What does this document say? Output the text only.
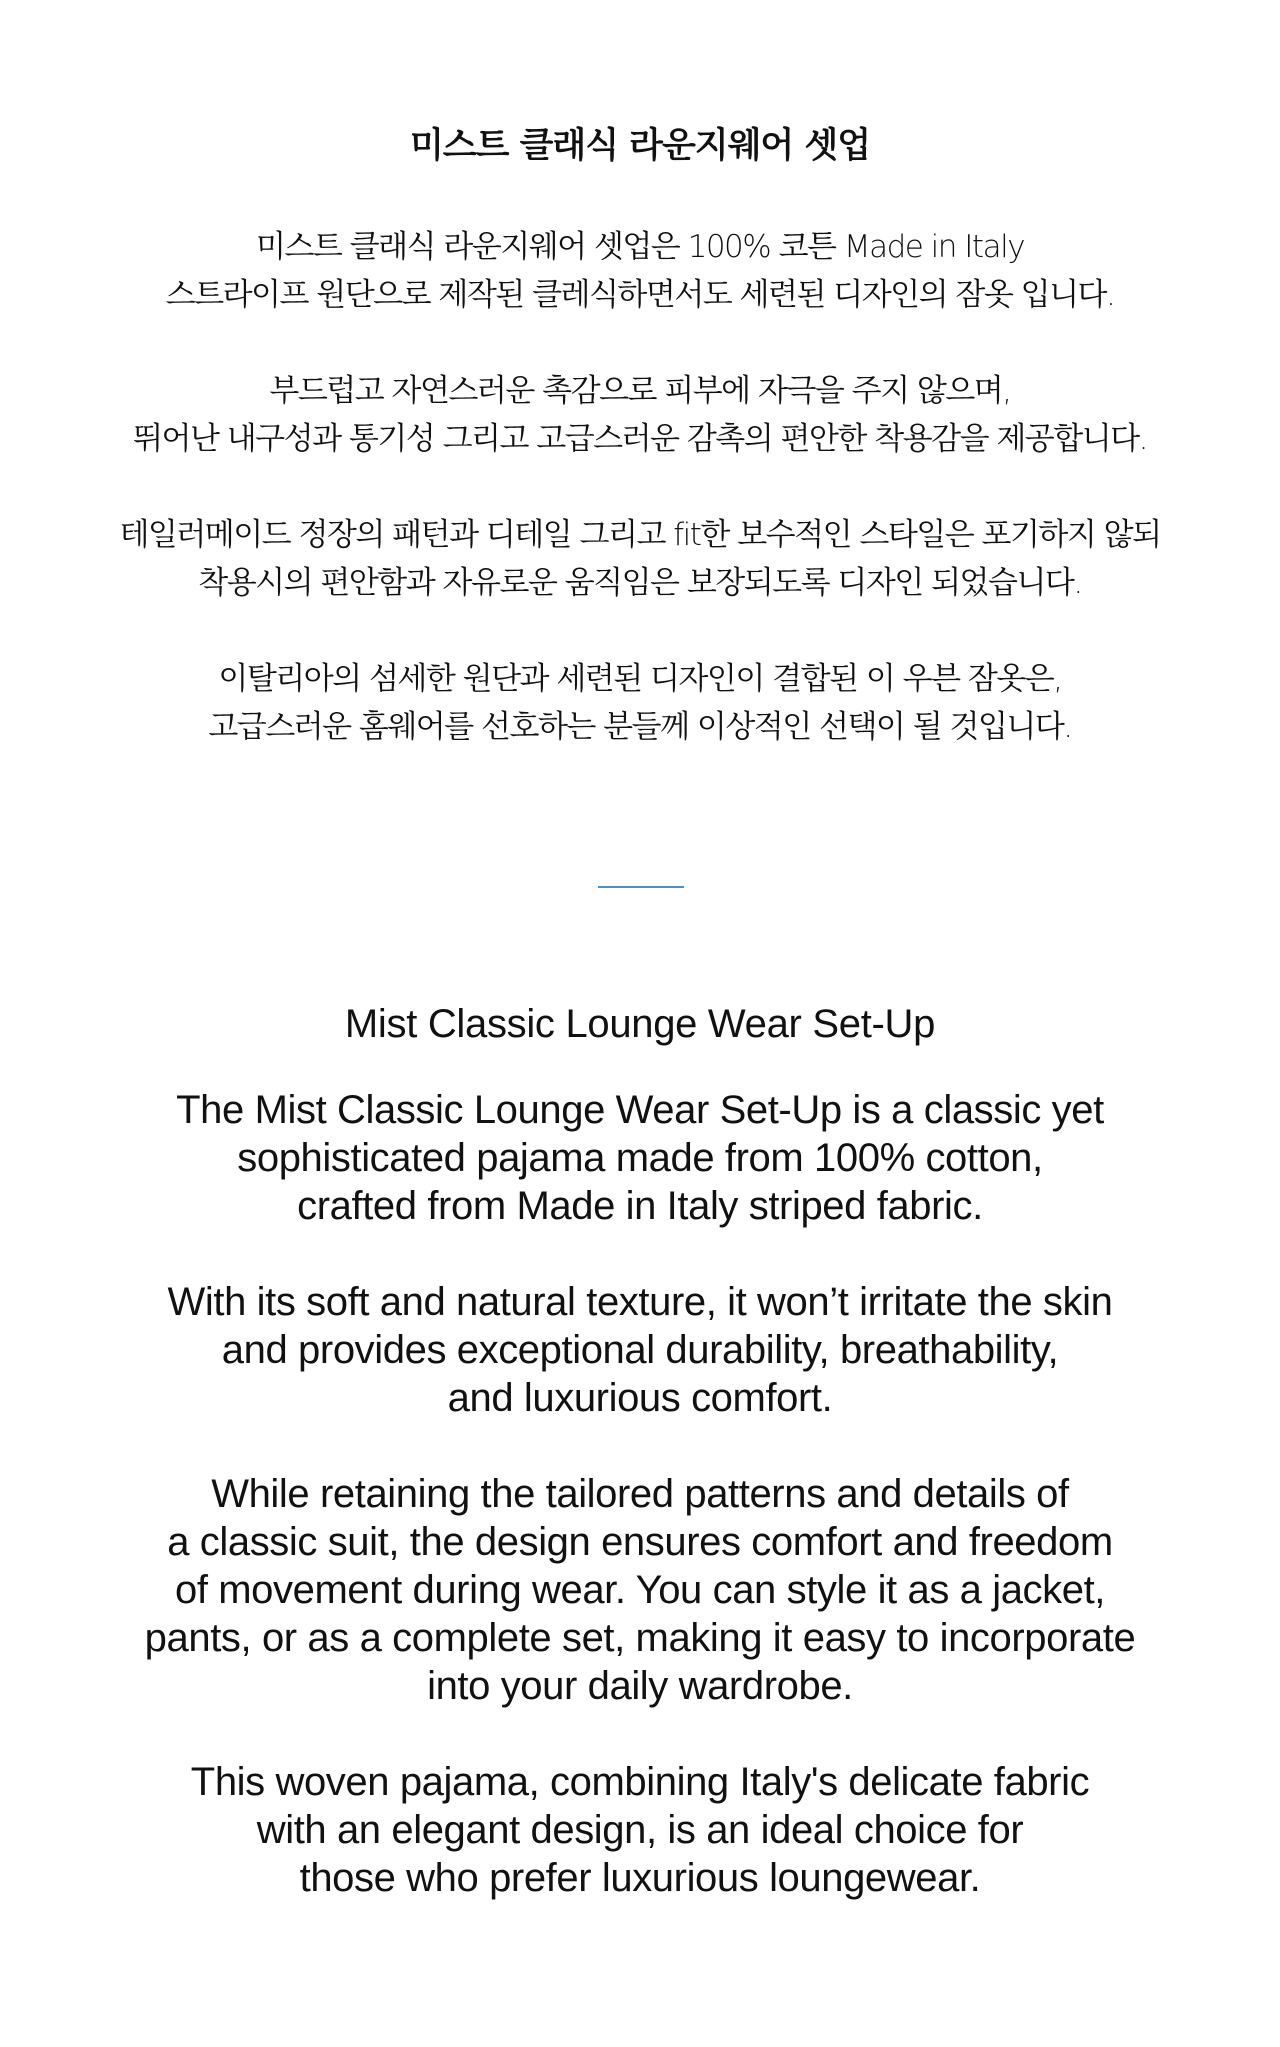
미스트 클래식 라운지웨어 셋업

미스트 클래식 라운지웨어 셋업은 100% 코튼 Made in Italy
스트라이프 원단으로 제작된 클레식하면서도 세련된 디자인의 잠옷 입니다.

부드럽고 자연스러운 촉감으로 피부에 자극을 주지 않으며,
뛰어난 내구성과 통기성 그리고 고급스러운 감촉의 편안한 착용감을 제공합니다.

테일러메이드 정장의 패턴과 디테일 그리고 fit한 보수적인 스타일은 포기하지 않되
착용시의 편안함과 자유로운 움직임은 보장되도록 디자인 되었습니다.

이탈리아의 섬세한 원단과 세련된 디자인이 결합된 이 우븐 잠옷은,
고급스러운 홈웨어를 선호하는 분들께 이상적인 선택이 될 것입니다.

Mist Classic Lounge Wear Set-Up

The Mist Classic Lounge Wear Set-Up is a classic yet
sophisticated pajama made from 100% cotton,
crafted from Made in Italy striped fabric.

With its soft and natural texture, it won’t irritate the skin
and provides exceptional durability, breathability,
and luxurious comfort.

While retaining the tailored patterns and details of
a classic suit, the design ensures comfort and freedom
of movement during wear. You can style it as a jacket,
pants, or as a complete set, making it easy to incorporate
into your daily wardrobe.

This woven pajama, combining Italy's delicate fabric
with an elegant design, is an ideal choice for
those who prefer luxurious loungewear.
